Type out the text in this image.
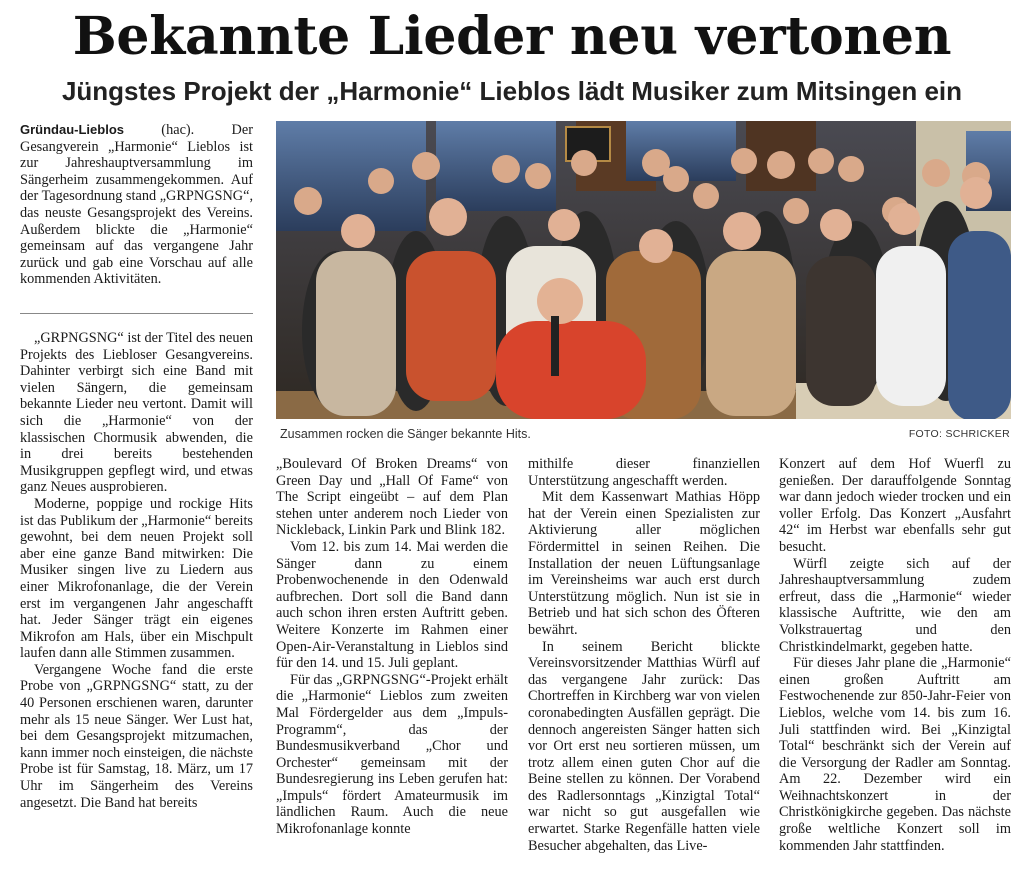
Bekannte Lieder neu vertonen
Jüngstes Projekt der „Harmonie“ Lieblos lädt Musiker zum Mitsingen ein

Gründau-Lieblos (hac). Der Gesangverein „Harmonie“ Lieblos ist zur Jahreshauptversammlung im Sängerheim zusammengekommen. Auf der Tagesordnung stand „GRPNGSNG“, das neuste Gesangsprojekt des Vereins. Außerdem blickte die „Harmonie“ gemeinsam auf das vergangene Jahr zurück und gab eine Vorschau auf alle kommenden Aktivitäten.

„GRPNGSNG“ ist der Titel des neuen Projekts des Liebloser Gesangvereins. Dahinter verbirgt sich eine Band mit vielen Sängern, die gemeinsam bekannte Lieder neu vertont. Damit will sich die „Harmonie“ von der klassischen Chormusik abwenden, die in drei bereits bestehenden Musikgruppen gepflegt wird, und etwas ganz Neues ausprobieren.

Moderne, poppige und rockige Hits ist das Publikum der „Harmonie“ bereits gewohnt, bei dem neuen Projekt soll aber eine ganze Band mitwirken: Die Musiker singen live zu Liedern aus einer Mikrofonanlage, die der Verein erst im vergangenen Jahr angeschafft hat. Jeder Sänger trägt ein eigenes Mikrofon am Hals, über ein Mischpult laufen dann alle Stimmen zusammen.

Vergangene Woche fand die erste Probe von „GRPNGSNG“ statt, zu der 40 Personen erschienen waren, darunter mehr als 15 neue Sänger. Wer Lust hat, bei dem Gesangsprojekt mitzumachen, kann immer noch einsteigen, die nächste Probe ist für Samstag, 18. März, um 17 Uhr im Sängerheim des Vereins angesetzt. Die Band hat bereits

Zusammen rocken die Sänger bekannte Hits.	FOTO: SCHRICKER

„Boulevard Of Broken Dreams“ von Green Day und „Hall Of Fame“ von The Script eingeübt – auf dem Plan stehen unter anderem noch Lieder von Nickleback, Linkin Park und Blink 182.

Vom 12. bis zum 14. Mai werden die Sänger dann zu einem Probenwochenende in den Odenwald aufbrechen. Dort soll die Band dann auch schon ihren ersten Auftritt geben. Weitere Konzerte im Rahmen einer Open-Air-Veranstaltung in Lieblos sind für den 14. und 15. Juli geplant.

Für das „GRPNGSNG“-Projekt erhält die „Harmonie“ Lieblos zum zweiten Mal Fördergelder aus dem „Impuls-Programm“, das der Bundesmusikverband „Chor und Orchester“ gemeinsam mit der Bundesregierung ins Leben gerufen hat: „Impuls“ fördert Amateurmusik im ländlichen Raum. Auch die neue Mikrofonanlage konnte

mithilfe dieser finanziellen Unterstützung angeschafft werden.

Mit dem Kassenwart Mathias Höpp hat der Verein einen Spezialisten zur Aktivierung aller möglichen Fördermittel in seinen Reihen. Die Installation der neuen Lüftungsanlage im Vereinsheims war auch erst durch Unterstützung möglich. Nun ist sie in Betrieb und hat sich schon des Öfteren bewährt.

In seinem Bericht blickte Vereinsvorsitzender Matthias Würfl auf das vergangene Jahr zurück: Das Chortreffen in Kirchberg war von vielen coronabedingten Ausfällen geprägt. Die dennoch angereisten Sänger hatten sich vor Ort erst neu sortieren müssen, um trotz allem einen guten Chor auf die Beine stellen zu können. Der Vorabend des Radlersonntags „Kinzigtal Total“ war nicht so gut ausgefallen wie erwartet. Starke Regenfälle hatten viele Besucher abgehalten, das Live-

Konzert auf dem Hof Wuerfl zu genießen. Der darauffolgende Sonntag war dann jedoch wieder trocken und ein voller Erfolg. Das Konzert „Ausfahrt 42“ im Herbst war ebenfalls sehr gut besucht.

Würfl zeigte sich auf der Jahreshauptversammlung zudem erfreut, dass die „Harmonie“ wieder klassische Auftritte, wie den am Volkstrauertag und den Christkindelmarkt, gegeben hatte.

Für dieses Jahr plane die „Harmonie“ einen großen Auftritt am Festwochenende zur 850-Jahr-Feier von Lieblos, welche vom 14. bis zum 16. Juli stattfinden wird. Bei „Kinzigtal Total“ beschränkt sich der Verein auf die Versorgung der Radler am Sonntag. Am 22. Dezember wird ein Weihnachtskonzert in der Christkönigkirche gegeben. Das nächste große weltliche Konzert soll im kommenden Jahr stattfinden.
